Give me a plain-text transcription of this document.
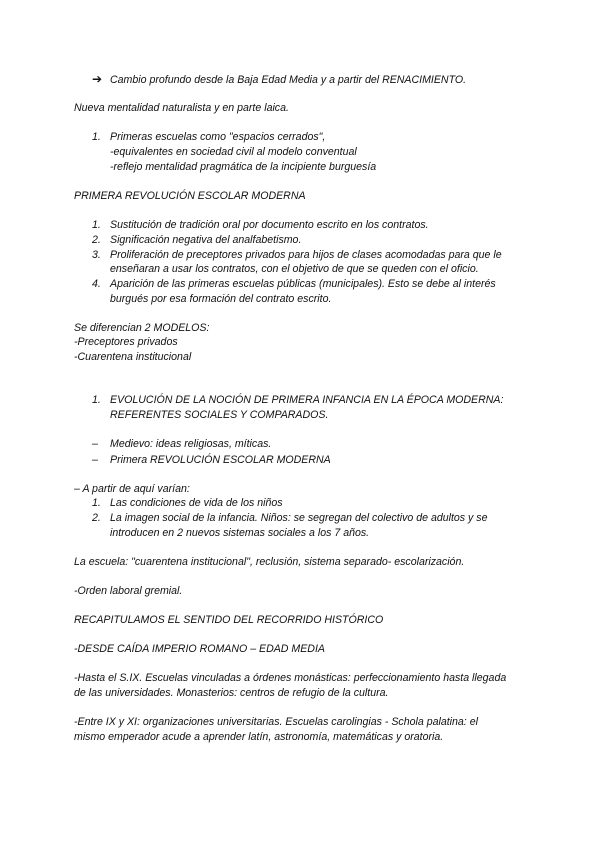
➔ Cambio profundo desde la Baja Edad Media y a partir del RENACIMIENTO.
Nueva mentalidad naturalista y en parte laica.
1. Primeras escuelas como "espacios cerrados",
-equivalentes en sociedad civil al modelo conventual
-reflejo mentalidad pragmática de la incipiente burguesía
PRIMERA REVOLUCIÓN ESCOLAR MODERNA
1. Sustitución de tradición oral por documento escrito en los contratos.
2. Significación negativa del analfabetismo.
3. Proliferación de preceptores privados para hijos de clases acomodadas para que le
enseñaran a usar los contratos, con el objetivo de que se queden con el oficio.
4. Aparición de las primeras escuelas públicas (municipales). Esto se debe al interés
burgués por esa formación del contrato escrito.
Se diferencian 2 MODELOS:
-Preceptores privados
-Cuarentena institucional
1. EVOLUCIÓN DE LA NOCIÓN DE PRIMERA INFANCIA EN LA ÉPOCA MODERNA:
REFERENTES SOCIALES Y COMPARADOS.
– Medievo: ideas religiosas, míticas.
– Primera REVOLUCIÓN ESCOLAR MODERNA
– A partir de aquí varían:
1. Las condiciones de vida de los niños
2. La imagen social de la infancia. Niños: se segregan del colectivo de adultos y se
introducen en 2 nuevos sistemas sociales a los 7 años.
La escuela: "cuarentena institucional", reclusión, sistema separado- escolarización.
-Orden laboral gremial.
RECAPITULAMOS EL SENTIDO DEL RECORRIDO HISTÓRICO
-DESDE CAÍDA IMPERIO ROMANO – EDAD MEDIA
-Hasta el S.IX. Escuelas vinculadas a órdenes monásticas: perfeccionamiento hasta llegada
de las universidades. Monasterios: centros de refugio de la cultura.
-Entre IX y XI: organizaciones universitarias. Escuelas carolingias - Schola palatina: el
mismo emperador acude a aprender latín, astronomía, matemáticas y oratoria.
